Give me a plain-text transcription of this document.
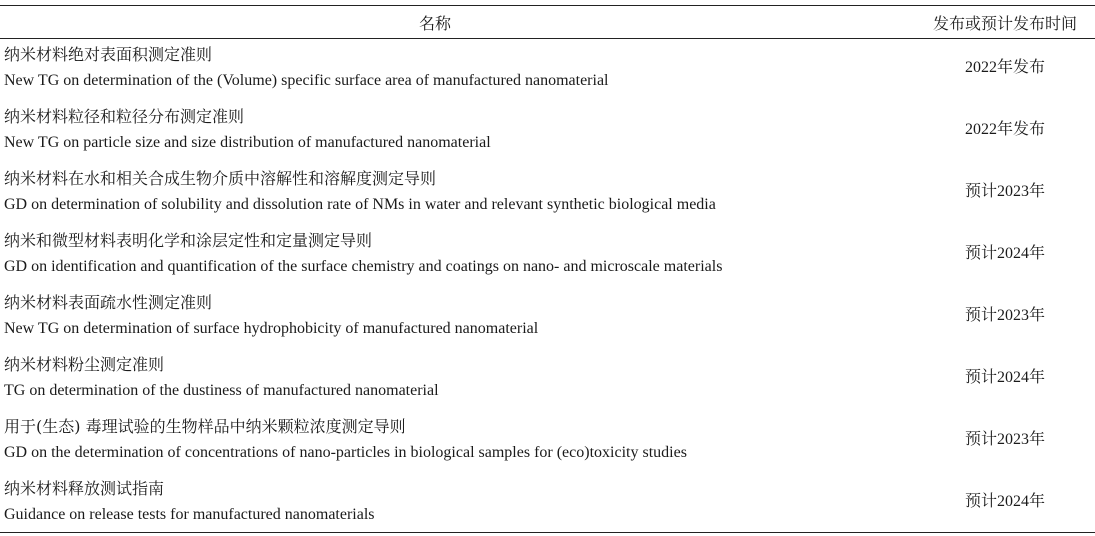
名称	发布或预计发布时间
纳米材料绝对表面积测定准则
New TG on determination of the (Volume) specific surface area of manufactured nanomaterial
2022年发布
纳米材料粒径和粒径分布测定准则
New TG on particle size and size distribution of manufactured nanomaterial
2022年发布
纳米材料在水和相关合成生物介质中溶解性和溶解度测定导则
GD on determination of solubility and dissolution rate of NMs in water and relevant synthetic biological media
预计2023年
纳米和微型材料表明化学和涂层定性和定量测定导则
GD on identification and quantification of the surface chemistry and coatings on nano- and microscale materials
预计2024年
纳米材料表面疏水性测定准则
New TG on determination of surface hydrophobicity of manufactured nanomaterial
预计2023年
纳米材料粉尘测定准则
TG on determination of the dustiness of manufactured nanomaterial
预计2024年
用于(生态) 毒理试验的生物样品中纳米颗粒浓度测定导则
GD on the determination of concentrations of nano-particles in biological samples for (eco)toxicity studies
预计2023年
纳米材料释放测试指南
Guidance on release tests for manufactured nanomaterials
预计2024年
